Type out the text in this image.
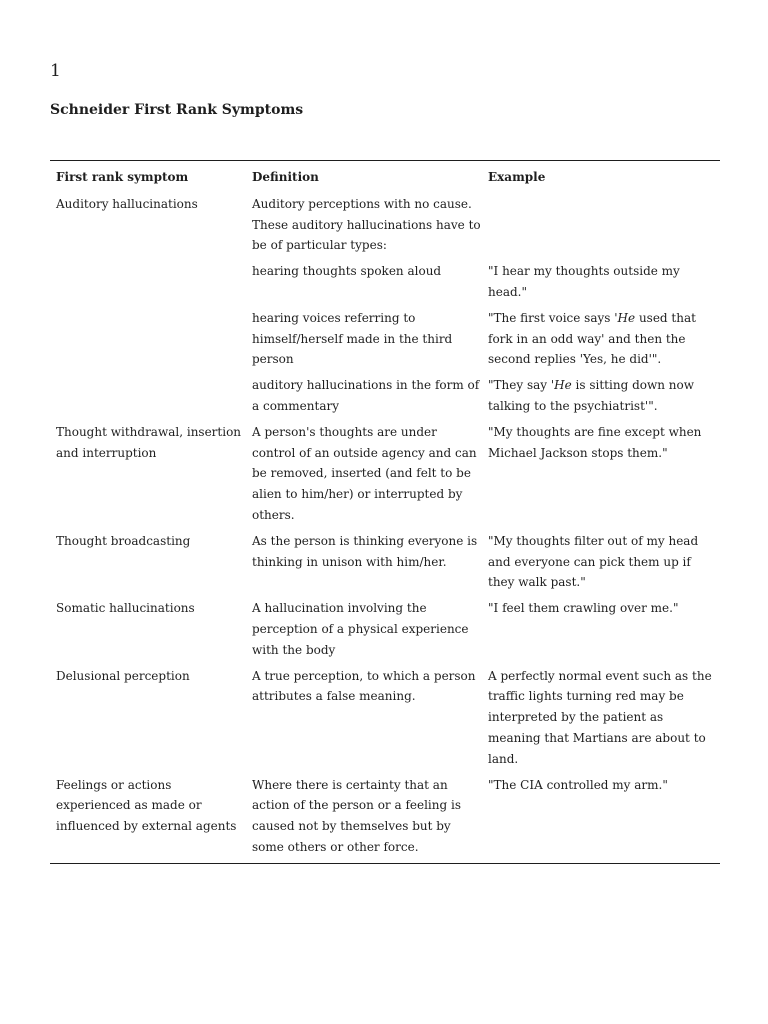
1
Schneider First Rank Symptoms
First rank symptom	Definition	Example
Auditory hallucinations	Auditory perceptions with no cause. These auditory hallucinations have to be of particular types:	
	hearing thoughts spoken aloud	"I hear my thoughts outside my head."
	hearing voices referring to himself/herself made in the third person	"The first voice says 'He used that fork in an odd way' and then the second replies 'Yes, he did'".
	auditory hallucinations in the form of a commentary	"They say 'He is sitting down now talking to the psychiatrist'".
Thought withdrawal, insertion and interruption	A person's thoughts are under control of an outside agency and can be removed, inserted (and felt to be alien to him/her) or interrupted by others.	"My thoughts are fine except when Michael Jackson stops them."
Thought broadcasting	As the person is thinking everyone is thinking in unison with him/her.	"My thoughts filter out of my head and everyone can pick them up if they walk past."
Somatic hallucinations	A hallucination involving the perception of a physical experience with the body	"I feel them crawling over me."
Delusional perception	A true perception, to which a person attributes a false meaning.	A perfectly normal event such as the traffic lights turning red may be interpreted by the patient as meaning that Martians are about to land.
Feelings or actions experienced as made or influenced by external agents	Where there is certainty that an action of the person or a feeling is caused not by themselves but by some others or other force.	"The CIA controlled my arm."
